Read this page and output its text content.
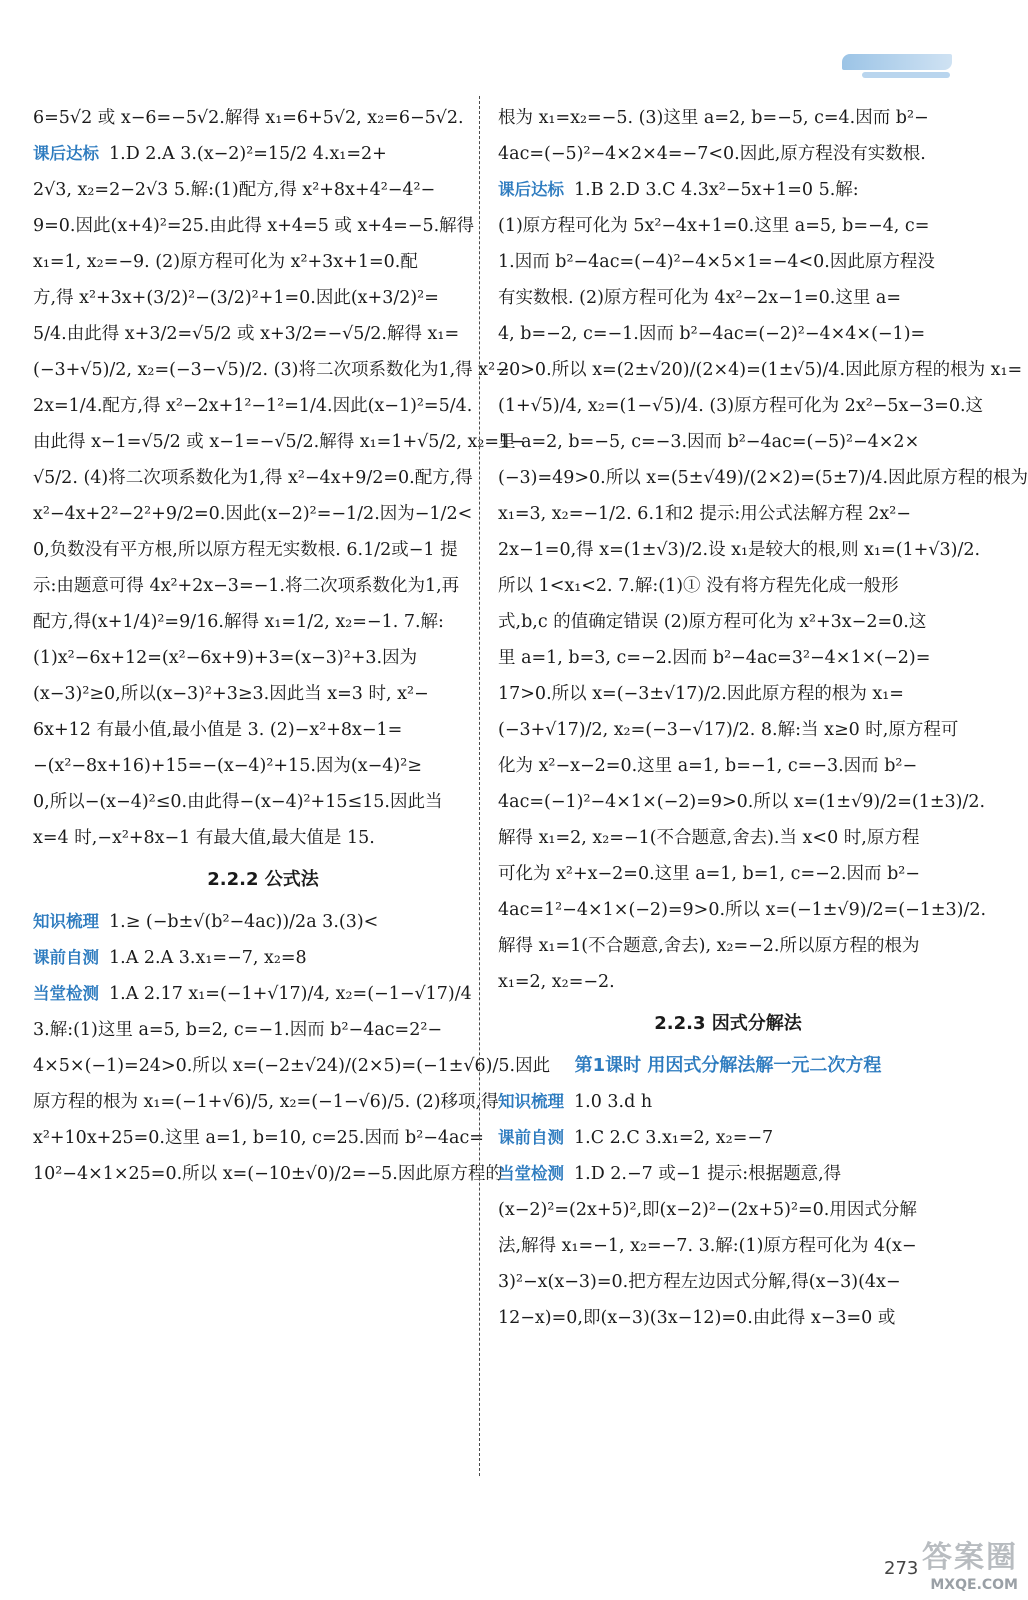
6=5√2 或 x−6=−5√2.解得 x₁=6+5√2, x₂=6−5√2.
课后达标 1.D 2.A 3.(x−2)²=15/2 4.x₁=2+
2√3, x₂=2−2√3 5.解:(1)配方,得 x²+8x+4²−4²−
9=0.因此(x+4)²=25.由此得 x+4=5 或 x+4=−5.解得
x₁=1, x₂=−9. (2)原方程可化为 x²+3x+1=0.配
方,得 x²+3x+(3/2)²−(3/2)²+1=0.因此(x+3/2)²=
5/4.由此得 x+3/2=√5/2 或 x+3/2=−√5/2.解得 x₁=
(−3+√5)/2, x₂=(−3−√5)/2. (3)将二次项系数化为1,得 x²−
2x=1/4.配方,得 x²−2x+1²−1²=1/4.因此(x−1)²=5/4.
由此得 x−1=√5/2 或 x−1=−√5/2.解得 x₁=1+√5/2, x₂=1−
√5/2. (4)将二次项系数化为1,得 x²−4x+9/2=0.配方,得
x²−4x+2²−2²+9/2=0.因此(x−2)²=−1/2.因为−1/2<
0,负数没有平方根,所以原方程无实数根. 6.1/2或−1 提
示:由题意可得 4x²+2x−3=−1.将二次项系数化为1,再
配方,得(x+1/4)²=9/16.解得 x₁=1/2, x₂=−1. 7.解:
(1)x²−6x+12=(x²−6x+9)+3=(x−3)²+3.因为
(x−3)²≥0,所以(x−3)²+3≥3.因此当 x=3 时, x²−
6x+12 有最小值,最小值是 3. (2)−x²+8x−1=
−(x²−8x+16)+15=−(x−4)²+15.因为(x−4)²≥
0,所以−(x−4)²≤0.由此得−(x−4)²+15≤15.因此当
x=4 时,−x²+8x−1 有最大值,最大值是 15.
2.2.2 公式法
知识梳理 1.≥ (−b±√(b²−4ac))/2a 3.(3)<
课前自测 1.A 2.A 3.x₁=−7, x₂=8
当堂检测 1.A 2.17 x₁=(−1+√17)/4, x₂=(−1−√17)/4
3.解:(1)这里 a=5, b=2, c=−1.因而 b²−4ac=2²−
4×5×(−1)=24>0.所以 x=(−2±√24)/(2×5)=(−1±√6)/5.因此
原方程的根为 x₁=(−1+√6)/5, x₂=(−1−√6)/5. (2)移项,得
x²+10x+25=0.这里 a=1, b=10, c=25.因而 b²−4ac=
10²−4×1×25=0.所以 x=(−10±√0)/2=−5.因此原方程的
根为 x₁=x₂=−5. (3)这里 a=2, b=−5, c=4.因而 b²−
4ac=(−5)²−4×2×4=−7<0.因此,原方程没有实数根.
课后达标 1.B 2.D 3.C 4.3x²−5x+1=0 5.解:
(1)原方程可化为 5x²−4x+1=0.这里 a=5, b=−4, c=
1.因而 b²−4ac=(−4)²−4×5×1=−4<0.因此原方程没
有实数根. (2)原方程可化为 4x²−2x−1=0.这里 a=
4, b=−2, c=−1.因而 b²−4ac=(−2)²−4×4×(−1)=
20>0.所以 x=(2±√20)/(2×4)=(1±√5)/4.因此原方程的根为 x₁=
(1+√5)/4, x₂=(1−√5)/4. (3)原方程可化为 2x²−5x−3=0.这
里 a=2, b=−5, c=−3.因而 b²−4ac=(−5)²−4×2×
(−3)=49>0.所以 x=(5±√49)/(2×2)=(5±7)/4.因此原方程的根为
x₁=3, x₂=−1/2. 6.1和2 提示:用公式法解方程 2x²−
2x−1=0,得 x=(1±√3)/2.设 x₁是较大的根,则 x₁=(1+√3)/2.
所以 1<x₁<2. 7.解:(1)① 没有将方程先化成一般形
式,b,c 的值确定错误 (2)原方程可化为 x²+3x−2=0.这
里 a=1, b=3, c=−2.因而 b²−4ac=3²−4×1×(−2)=
17>0.所以 x=(−3±√17)/2.因此原方程的根为 x₁=
(−3+√17)/2, x₂=(−3−√17)/2. 8.解:当 x≥0 时,原方程可
化为 x²−x−2=0.这里 a=1, b=−1, c=−3.因而 b²−
4ac=(−1)²−4×1×(−2)=9>0.所以 x=(1±√9)/2=(1±3)/2.
解得 x₁=2, x₂=−1(不合题意,舍去).当 x<0 时,原方程
可化为 x²+x−2=0.这里 a=1, b=1, c=−2.因而 b²−
4ac=1²−4×1×(−2)=9>0.所以 x=(−1±√9)/2=(−1±3)/2.
解得 x₁=1(不合题意,舍去), x₂=−2.所以原方程的根为
x₁=2, x₂=−2.
2.2.3 因式分解法
第1课时 用因式分解法解一元二次方程
知识梳理 1.0 3.d h
课前自测 1.C 2.C 3.x₁=2, x₂=−7
当堂检测 1.D 2.−7 或−1 提示:根据题意,得
(x−2)²=(2x+5)²,即(x−2)²−(2x+5)²=0.用因式分解
法,解得 x₁=−1, x₂=−7. 3.解:(1)原方程可化为 4(x−
3)²−x(x−3)=0.把方程左边因式分解,得(x−3)(4x−
12−x)=0,即(x−3)(3x−12)=0.由此得 x−3=0 或
273 答案圈
MXQE.COM
